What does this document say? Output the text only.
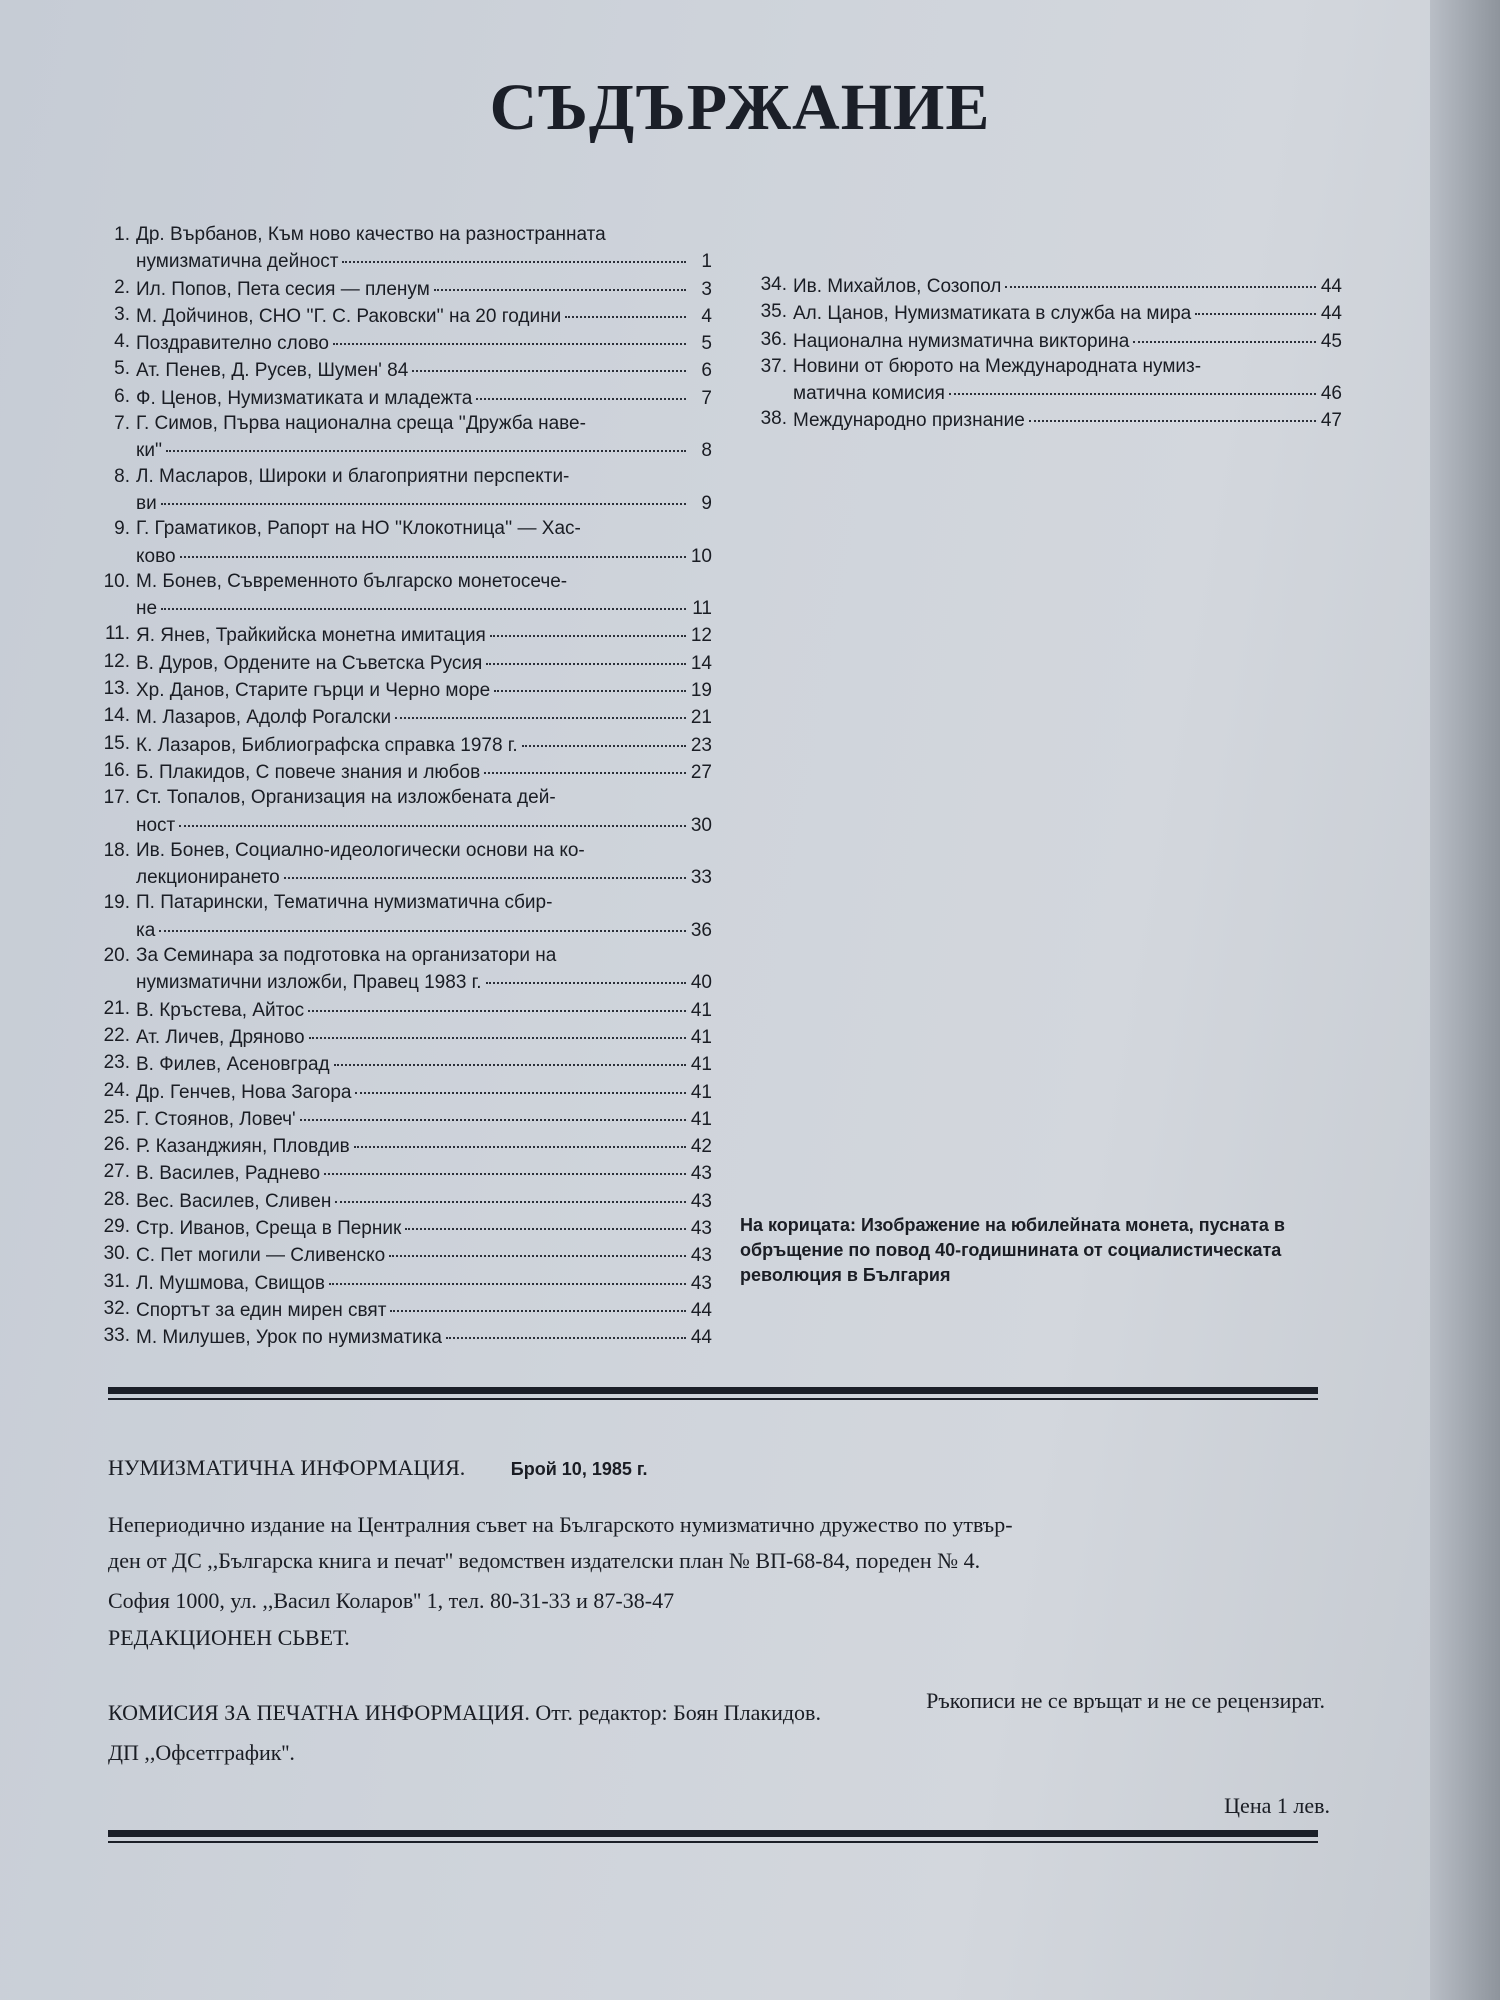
СЪДЪРЖАНИЕ
1. Др. Върбанов, Към ново качество на разностранната
нумизматична дейност	1
2. Ил. Попов, Пета сесия — пленум	3
3. М. Дойчинов, СНО ''Г. С. Раковски'' на 20 години	4
4. Поздравително слово	5
5. Ат. Пенев, Д. Русев, Шумен' 84	6
6. Ф. Ценов, Нумизматиката и младежта	7
7. Г. Симов, Първа национална среща ''Дружба наве-
ки''	8
8. Л. Масларов, Широки и благоприятни перспекти-
ви	9
9. Г. Граматиков, Рапорт на НО ''Клокотница'' — Хас-
ково	10
10. М. Бонев, Съвременното българско монетосече-
не	11
11. Я. Янев, Трайкийска монетна имитация	12
12. В. Дуров, Ордените на Съветска Русия	14
13. Хр. Данов, Старите гърци и Черно море	19
14. М. Лазаров, Адолф Рогалски	21
15. К. Лазаров, Библиографска справка 1978 г.	23
16. Б. Плакидов, С повече знания и любов	27
17. Ст. Топалов, Организация на изложбената дей-
ност	30
18. Ив. Бонев, Социално-идеологически основи на ко-
лекционирането	33
19. П. Патарински, Тематична нумизматична сбир-
ка	36
20. За Семинара за подготовка на организатори на
нумизматични изложби, Правец 1983 г.	40
21. В. Кръстева, Айтос	41
22. Ат. Личев, Дряново	41
23. В. Филев, Асеновград	41
24. Др. Генчев, Нова Загора	41
25. Г. Стоянов, Ловеч'	41
26. Р. Казанджиян, Пловдив	42
27. В. Василев, Раднево	43
28. Вес. Василев, Сливен	43
29. Стр. Иванов, Среща в Перник	43
30. С. Пет могили — Сливенско	43
31. Л. Мушмова, Свищов	43
32. Спортът за един мирен свят	44
33. М. Милушев, Урок по нумизматика	44
34. Ив. Михайлов, Созопол	44
35. Ал. Цанов, Нумизматиката в служба на мира	44
36. Национална нумизматична викторина	45
37. Новини от бюрото на Международната нумиз-
матична комисия	46
38. Международно признание	47
На корицата: Изображение на юбилейната монета, пусната в обръщение по повод 40-годишнината от социалистическата революция в България
НУМИЗМАТИЧНА ИНФОРМАЦИЯ.	Брой 10, 1985 г.
Непериодично издание на Централния съвет на Българското нумизматично дружество по утвър-
ден от ДС ,,Българска книга и печат'' ведомствен издателски план № ВП-68-84, пореден № 4.
София 1000, ул. ,,Васил Коларов'' 1, тел. 80-31-33 и 87-38-47
РЕДАКЦИОНЕН СЬВЕТ.
Ръкописи не се връщат и не се рецензират.
КОМИСИЯ ЗА ПЕЧАТНА ИНФОРМАЦИЯ. Отг. редактор: Боян Плакидов.
ДП ,,Офсетграфик''.
Цена 1 лев.
